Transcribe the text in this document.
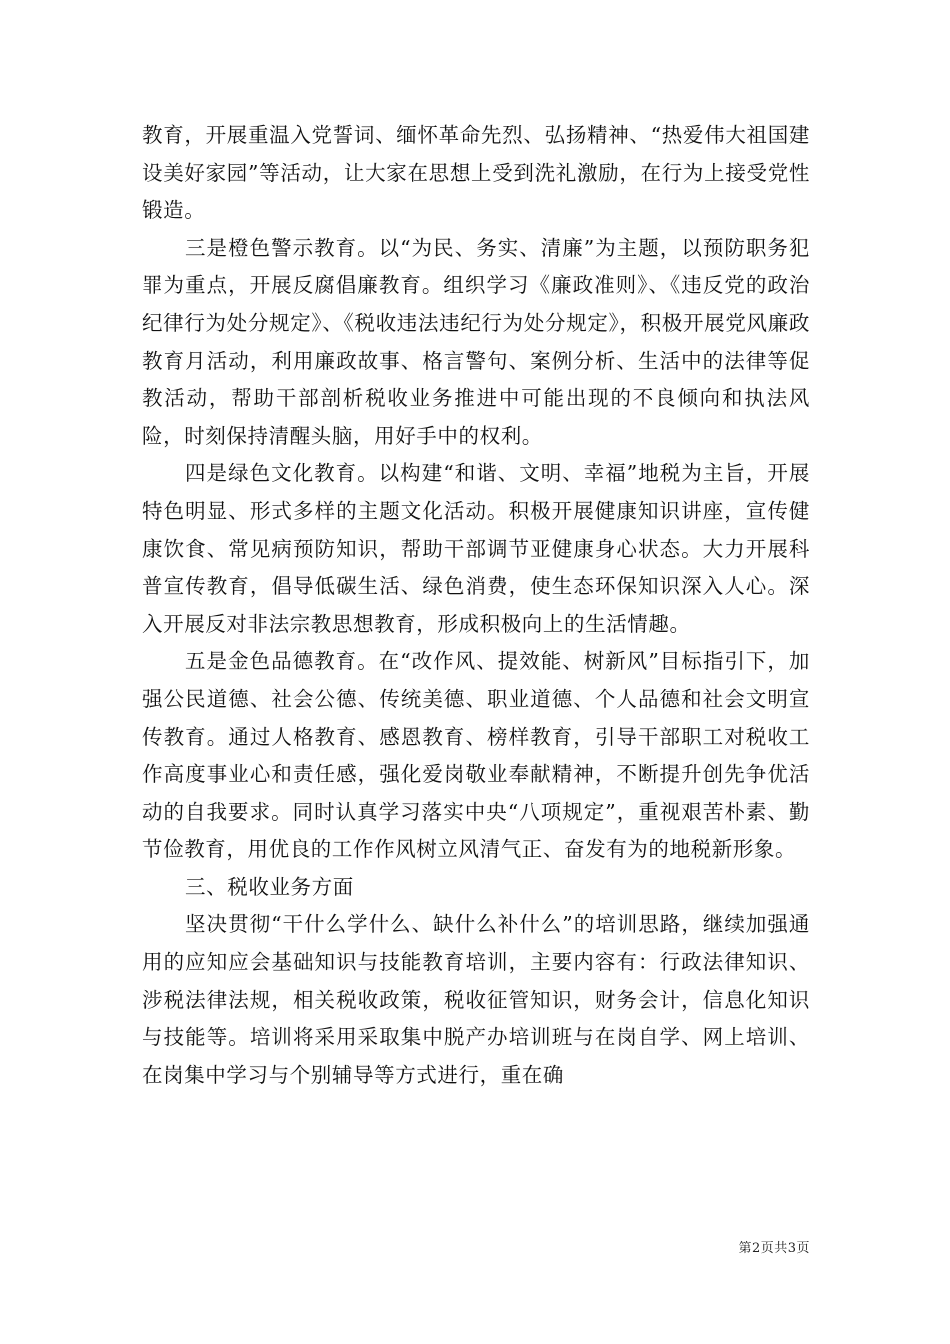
教育，开展重温入党誓词、缅怀革命先烈、弘扬精神、“热爱伟大祖国建设美好家园”等活动，让大家在思想上受到洗礼激励，在行为上接受党性锻造。

三是橙色警示教育。以“为民、务实、清廉”为主题，以预防职务犯罪为重点，开展反腐倡廉教育。组织学习《廉政准则》、《违反党的政治纪律行为处分规定》、《税收违法违纪行为处分规定》，积极开展党风廉政教育月活动，利用廉政故事、格言警句、案例分析、生活中的法律等促教活动，帮助干部剖析税收业务推进中可能出现的不良倾向和执法风险，时刻保持清醒头脑，用好手中的权利。

四是绿色文化教育。以构建“和谐、文明、幸福”地税为主旨，开展特色明显、形式多样的主题文化活动。积极开展健康知识讲座，宣传健康饮食、常见病预防知识，帮助干部调节亚健康身心状态。大力开展科普宣传教育，倡导低碳生活、绿色消费，使生态环保知识深入人心。深入开展反对非法宗教思想教育，形成积极向上的生活情趣。

五是金色品德教育。在“改作风、提效能、树新风”目标指引下，加强公民道德、社会公德、传统美德、职业道德、个人品德和社会文明宣传教育。通过人格教育、感恩教育、榜样教育，引导干部职工对税收工作高度事业心和责任感，强化爱岗敬业奉献精神，不断提升创先争优活动的自我要求。同时认真学习落实中央“八项规定”，重视艰苦朴素、勤节俭教育，用优良的工作作风树立风清气正、奋发有为的地税新形象。

三、税收业务方面

坚决贯彻“干什么学什么、缺什么补什么”的培训思路，继续加强通用的应知应会基础知识与技能教育培训，主要内容有：行政法律知识、涉税法律法规，相关税收政策，税收征管知识，财务会计，信息化知识与技能等。培训将采用采取集中脱产办培训班与在岗自学、网上培训、在岗集中学习与个别辅导等方式进行，重在确

第2页共3页
